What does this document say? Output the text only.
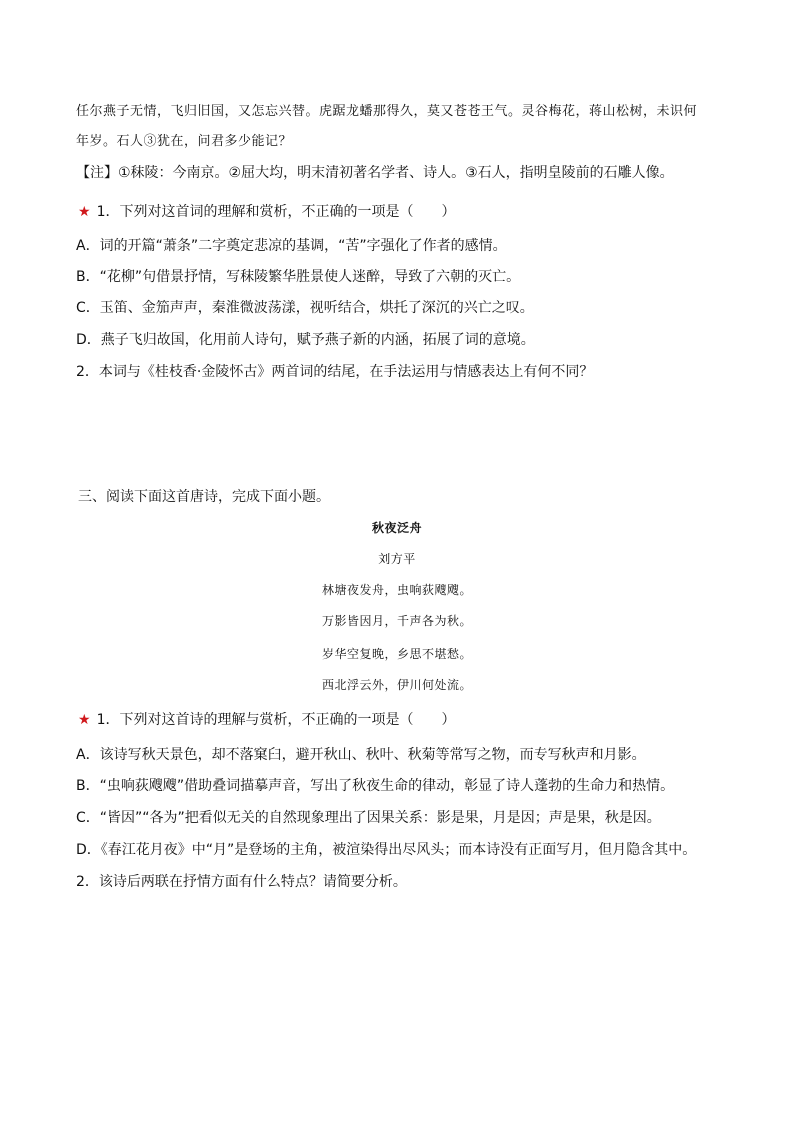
任尔燕子无情，飞归旧国，又怎忘兴替。虎踞龙蟠那得久，莫又苍苍王气。灵谷梅花，蒋山松树，未识何
年岁。石人③犹在，问君多少能记？
【注】①秣陵：今南京。②屈大均，明末清初著名学者、诗人。③石人，指明皇陵前的石雕人像。
★ 1．下列对这首词的理解和赏析，不正确的一项是（　　）
A．词的开篇“萧条”二字奠定悲凉的基调，“苦”字强化了作者的感情。
B．“花柳”句借景抒情，写秣陵繁华胜景使人迷醉，导致了六朝的灭亡。
C．玉笛、金笳声声，秦淮微波荡漾，视听结合，烘托了深沉的兴亡之叹。
D．燕子飞归故国，化用前人诗句，赋予燕子新的内涵，拓展了词的意境。
2．本词与《桂枝香·金陵怀古》两首词的结尾，在手法运用与情感表达上有何不同？
三、阅读下面这首唐诗，完成下面小题。
秋夜泛舟
刘方平
林塘夜发舟，虫响荻飕飕。
万影皆因月，千声各为秋。
岁华空复晚，乡思不堪愁。
西北浮云外，伊川何处流。
★ 1．下列对这首诗的理解与赏析，不正确的一项是（　　）
A．该诗写秋天景色，却不落窠臼，避开秋山、秋叶、秋菊等常写之物，而专写秋声和月影。
B．“虫响荻飕飕”借助叠词描摹声音，写出了秋夜生命的律动，彰显了诗人蓬勃的生命力和热情。
C．“皆因”“各为”把看似无关的自然现象理出了因果关系：影是果，月是因；声是果，秋是因。
D．《春江花月夜》中“月”是登场的主角，被渲染得出尽风头；而本诗没有正面写月，但月隐含其中。
2．该诗后两联在抒情方面有什么特点？请简要分析。
